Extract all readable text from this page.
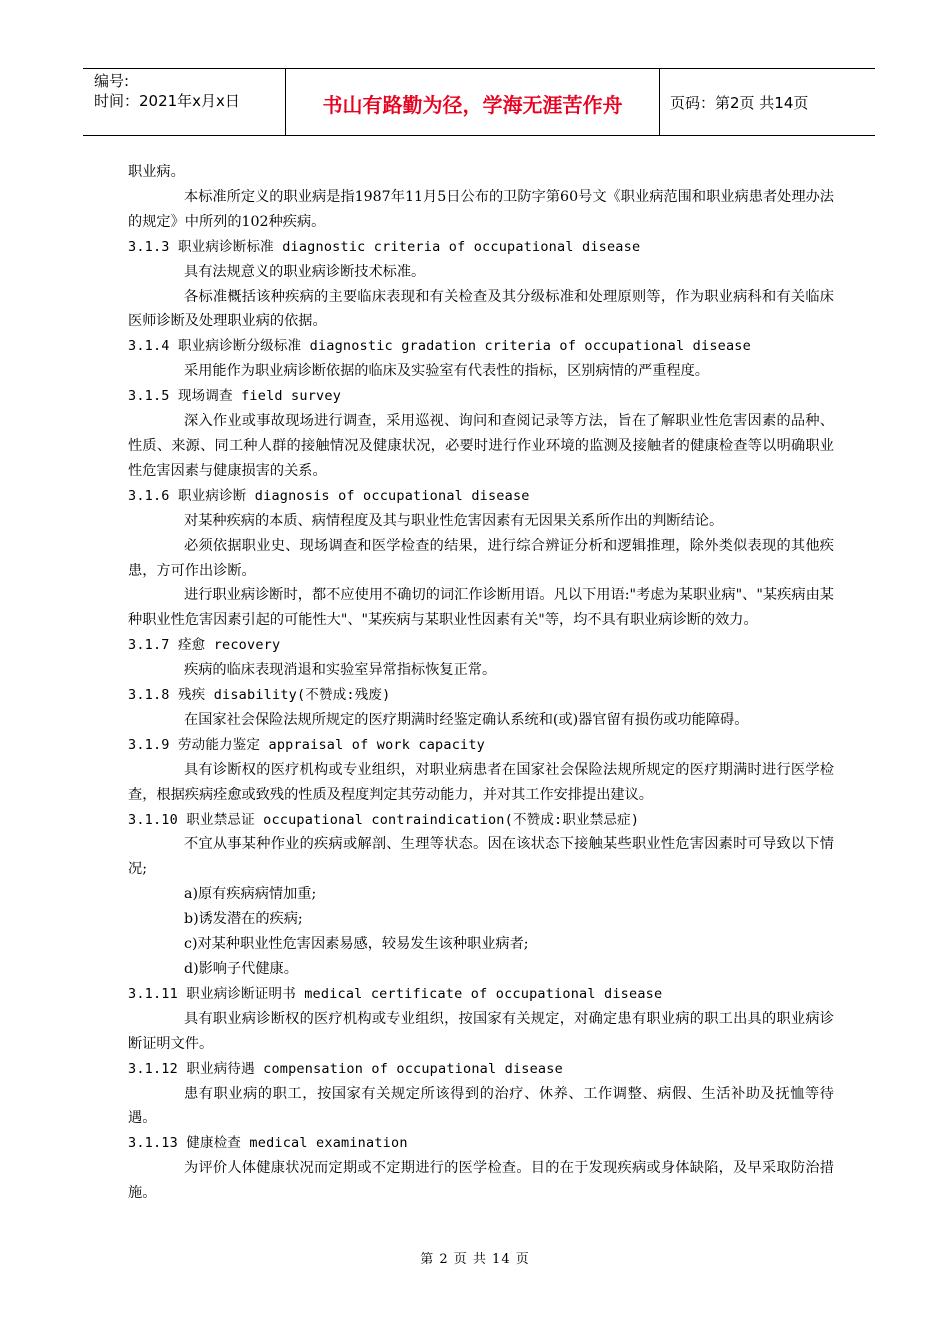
编号:
时间：2021年x月x日	书山有路勤为径，学海无涯苦作舟	页码：第2页 共14页

职业病。

本标准所定义的职业病是指1987年11月5日公布的卫防字第60号文《职业病范围和职业病患者处理办法的规定》中所列的102种疾病。

3.1.3 职业病诊断标准 diagnostic criteria of occupational disease

具有法规意义的职业病诊断技术标准。

各标准概括该种疾病的主要临床表现和有关检查及其分级标准和处理原则等，作为职业病科和有关临床医师诊断及处理职业病的依据。

3.1.4 职业病诊断分级标准 diagnostic gradation criteria of occupational disease

采用能作为职业病诊断依据的临床及实验室有代表性的指标，区别病情的严重程度。

3.1.5 现场调查 field survey

深入作业或事故现场进行调查，采用巡视、询问和查阅记录等方法，旨在了解职业性危害因素的品种、性质、来源、同工种人群的接触情况及健康状况，必要时进行作业环境的监测及接触者的健康检查等以明确职业性危害因素与健康损害的关系。

3.1.6 职业病诊断 diagnosis of occupational disease

对某种疾病的本质、病情程度及其与职业性危害因素有无因果关系所作出的判断结论。

必须依据职业史、现场调查和医学检查的结果，进行综合辨证分析和逻辑推理，除外类似表现的其他疾患，方可作出诊断。

进行职业病诊断时，都不应使用不确切的词汇作诊断用语。凡以下用语:"考虑为某职业病"、"某疾病由某种职业性危害因素引起的可能性大"、"某疾病与某职业性因素有关"等，均不具有职业病诊断的效力。

3.1.7 痊愈 recovery

疾病的临床表现消退和实验室异常指标恢复正常。

3.1.8 残疾 disability(不赞成:残废)

在国家社会保险法规所规定的医疗期满时经鉴定确认系统和(或)器官留有损伤或功能障碍。

3.1.9 劳动能力鉴定 appraisal of work capacity

具有诊断权的医疗机构或专业组织，对职业病患者在国家社会保险法规所规定的医疗期满时进行医学检查，根据疾病痊愈或致残的性质及程度判定其劳动能力，并对其工作安排提出建议。

3.1.10 职业禁忌证 occupational contraindication(不赞成:职业禁忌症)

不宜从事某种作业的疾病或解剖、生理等状态。因在该状态下接触某些职业性危害因素时可导致以下情况;

a)原有疾病病情加重;

b)诱发潜在的疾病;

c)对某种职业性危害因素易感，较易发生该种职业病者;

d)影响子代健康。

3.1.11 职业病诊断证明书 medical certificate of occupational disease

具有职业病诊断权的医疗机构或专业组织，按国家有关规定，对确定患有职业病的职工出具的职业病诊断证明文件。

3.1.12 职业病待遇 compensation of occupational disease

患有职业病的职工，按国家有关规定所该得到的治疗、休养、工作调整、病假、生活补助及抚恤等待遇。

3.1.13 健康检查 medical examination

为评价人体健康状况而定期或不定期进行的医学检查。目的在于发现疾病或身体缺陷，及早采取防治措施。

第 2 页 共 14 页
